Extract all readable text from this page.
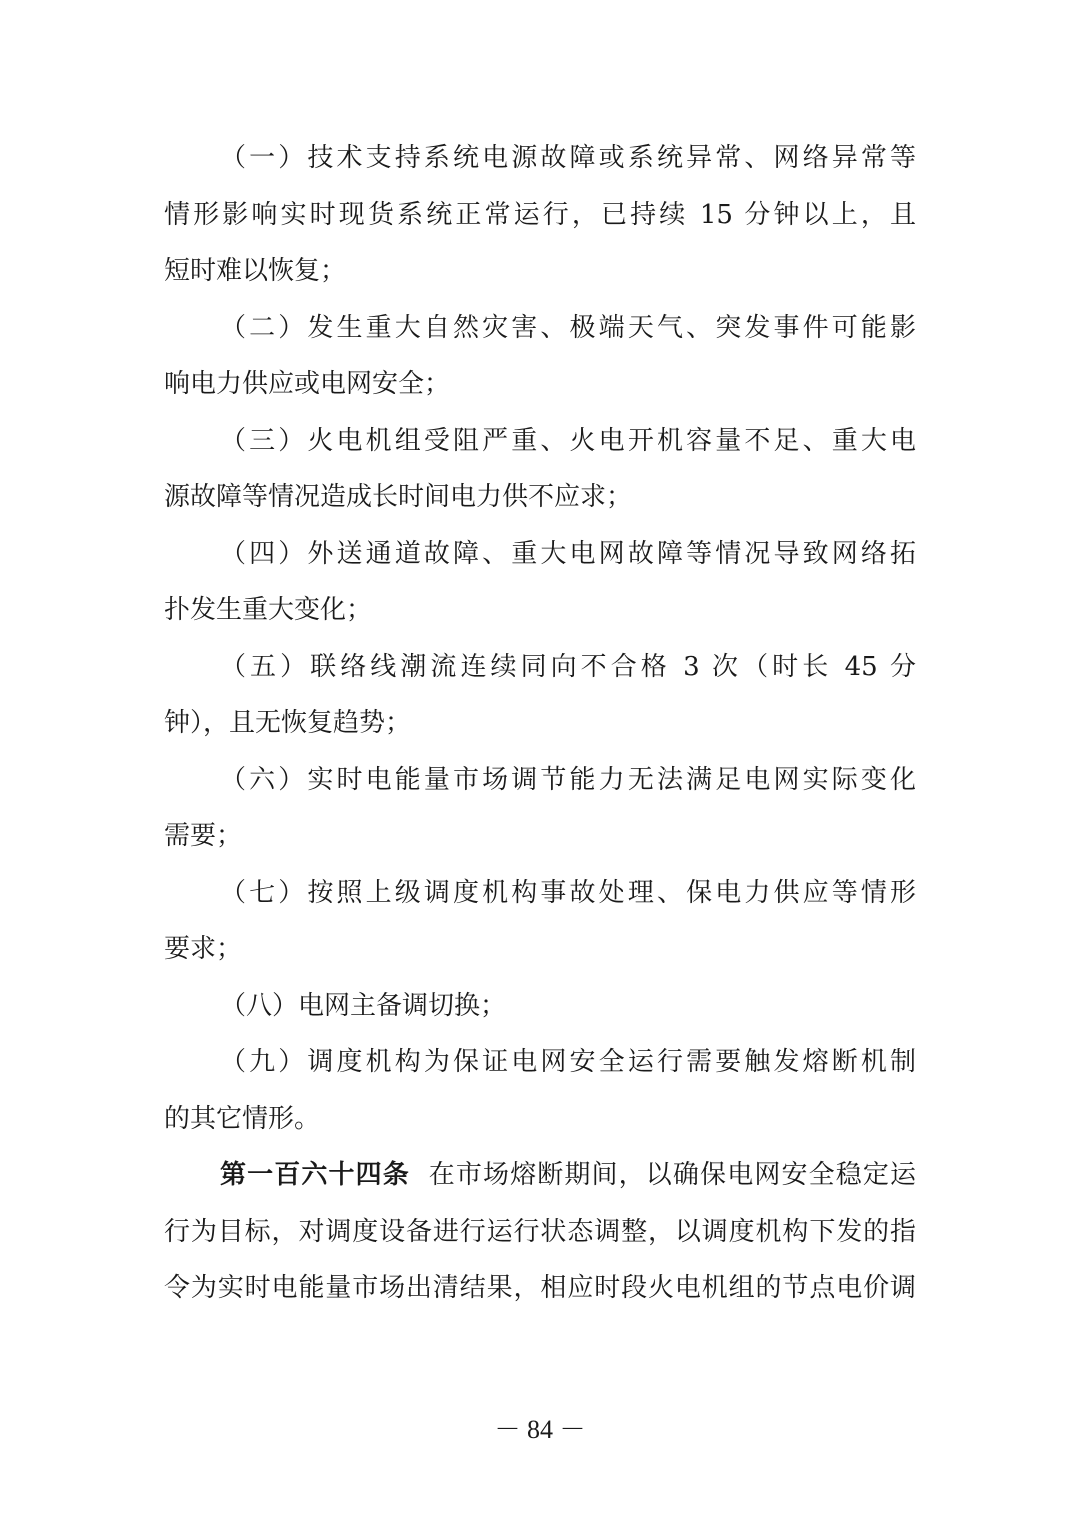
（一）技术支持系统电源故障或系统异常、网络异常等
情形影响实时现货系统正常运行，已持续 15 分钟以上，且
短时难以恢复；
（二）发生重大自然灾害、极端天气、突发事件可能影
响电力供应或电网安全；
（三）火电机组受阻严重、火电开机容量不足、重大电
源故障等情况造成长时间电力供不应求；
（四）外送通道故障、重大电网故障等情况导致网络拓
扑发生重大变化；
（五）联络线潮流连续同向不合格 3 次（时长 45 分
钟），且无恢复趋势；
（六）实时电能量市场调节能力无法满足电网实际变化
需要；
（七）按照上级调度机构事故处理、保电力供应等情形
要求；
（八）电网主备调切换；
（九）调度机构为保证电网安全运行需要触发熔断机制
的其它情形。
第一百六十四条 在市场熔断期间，以确保电网安全稳定运
行为目标，对调度设备进行运行状态调整，以调度机构下发的指
令为实时电能量市场出清结果，相应时段火电机组的节点电价调
－ 84 －
